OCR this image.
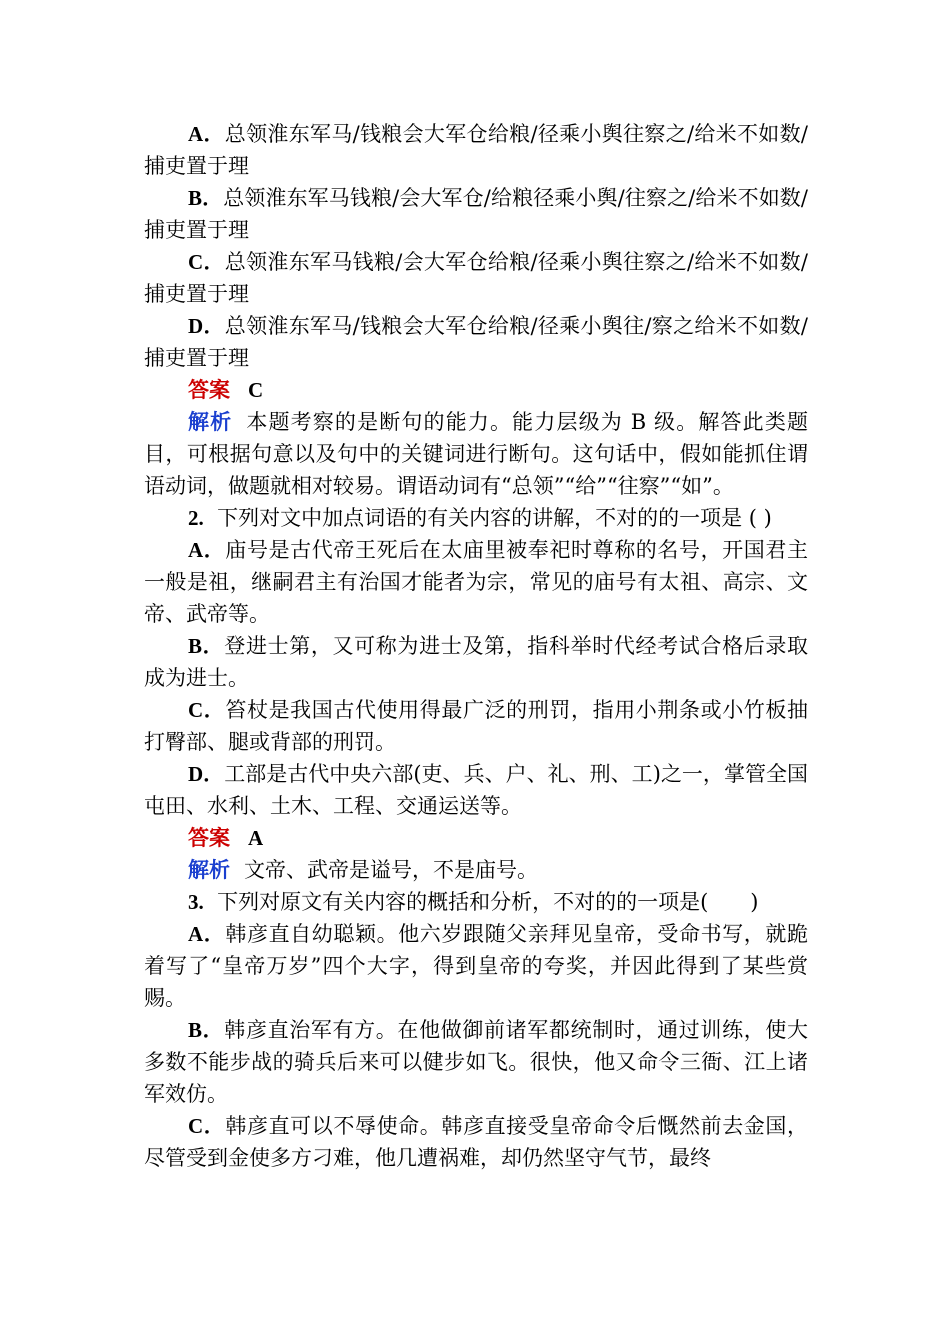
A．总领淮东军马/钱粮会大军仓给粮/径乘小舆往察之/给米不如数/捕吏置于理

B．总领淮东军马钱粮/会大军仓/给粮径乘小舆/往察之/给米不如数/捕吏置于理

C．总领淮东军马钱粮/会大军仓给粮/径乘小舆往察之/给米不如数/捕吏置于理

D．总领淮东军马/钱粮会大军仓给粮/径乘小舆往/察之给米不如数/捕吏置于理

答案 C

解析 本题考察的是断句的能力。能力层级为 B 级。解答此类题目，可根据句意以及句中的关键词进行断句。这句话中，假如能抓住谓语动词，做题就相对较易。谓语动词有“总领”“给”“往察”“如”。

2. 下列对文中加点词语的有关内容的讲解，不对的的一项是 ( )

A．庙号是古代帝王死后在太庙里被奉祀时尊称的名号，开国君主一般是祖，继嗣君主有治国才能者为宗，常见的庙号有太祖、高宗、文帝、武帝等。

B．登进士第，又可称为进士及第，指科举时代经考试合格后录取成为进士。

C．笞杖是我国古代使用得最广泛的刑罚，指用小荆条或小竹板抽打臀部、腿或背部的刑罚。

D．工部是古代中央六部(吏、兵、户、礼、刑、工)之一，掌管全国屯田、水利、土木、工程、交通运送等。

答案 A

解析 文帝、武帝是谥号，不是庙号。

3. 下列对原文有关内容的概括和分析，不对的的一项是(　　)

A．韩彦直自幼聪颖。他六岁跟随父亲拜见皇帝，受命书写，就跪着写了“皇帝万岁”四个大字，得到皇帝的夸奖，并因此得到了某些赏赐。

B．韩彦直治军有方。在他做御前诸军都统制时，通过训练，使大多数不能步战的骑兵后来可以健步如飞。很快，他又命令三衙、江上诸军效仿。

C．韩彦直可以不辱使命。韩彦直接受皇帝命令后慨然前去金国，尽管受到金使多方刁难，他几遭祸难，却仍然坚守气节，最终
